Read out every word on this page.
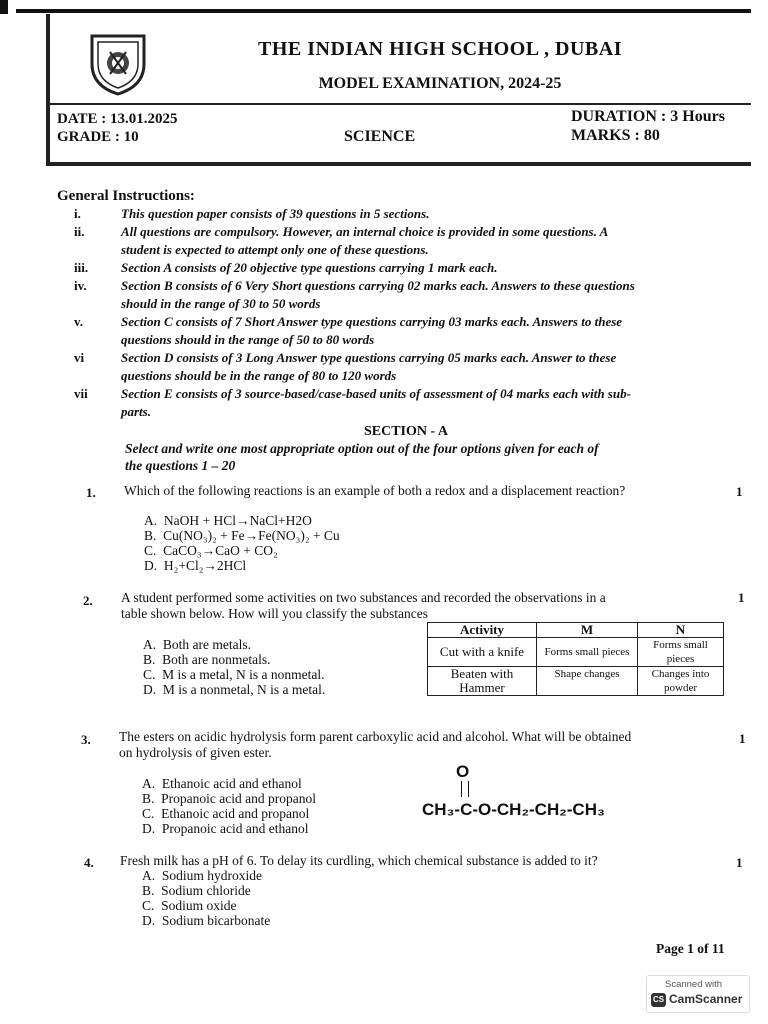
THE INDIAN HIGH SCHOOL , DUBAI
MODEL EXAMINATION, 2024-25
DATE : 13.01.2025
GRADE : 10	SCIENCE
DURATION : 3 Hours
MARKS : 80
General Instructions:
i.	This question paper consists of 39 questions in 5 sections.
ii.	All questions are compulsory. However, an internal choice is provided in some questions. A
student is expected to attempt only one of these questions.
iii.	Section A consists of 20 objective type questions carrying 1 mark each.
iv.	Section B consists of 6 Very Short questions carrying 02 marks each. Answers to these questions
should in the range of 30 to 50 words
v.	Section C consists of 7 Short Answer type questions carrying 03 marks each. Answers to these
questions should in the range of 50 to 80 words
vi	Section D consists of 3 Long Answer type questions carrying 05 marks each. Answer to these
questions should be in the range of 80 to 120 words
vii	Section E consists of 3 source-based/case-based units of assessment of 04 marks each with sub-
parts.
SECTION - A
Select and write one most appropriate option out of the four options given for each of
the questions 1 – 20
1. Which of the following reactions is an example of both a redox and a displacement reaction?	1
A. NaOH + HCl→NaCl+H2O
B. Cu(NO₃)₂ + Fe→Fe(NO₃)₂ + Cu
C. CaCO₃→CaO + CO₂
D. H₂+Cl₂→2HCl
2. A student performed some activities on two substances and recorded the observations in a
table shown below. How will you classify the substances
1
A. Both are metals.
B. Both are nonmetals.
C. M is a metal, N is a nonmetal.
D. M is a nonmetal, N is a metal.
Activity	M	N
Cut with a knife	Forms small pieces	Forms small pieces
Beaten with Hammer	Shape changes	Changes into powder
3. The esters on acidic hydrolysis form parent carboxylic acid and alcohol. What will be obtained
on hydrolysis of given ester.
1
A. Ethanoic acid and ethanol
B. Propanoic acid and propanol
C. Ethanoic acid and propanol
D. Propanoic acid and ethanol
O
CH₃-C-O-CH₂-CH₂-CH₃
4. Fresh milk has a pH of 6. To delay its curdling, which chemical substance is added to it?	1
A. Sodium hydroxide
B. Sodium chloride
C. Sodium oxide
D. Sodium bicarbonate
Page 1 of 11
Scanned with
CS CamScanner
